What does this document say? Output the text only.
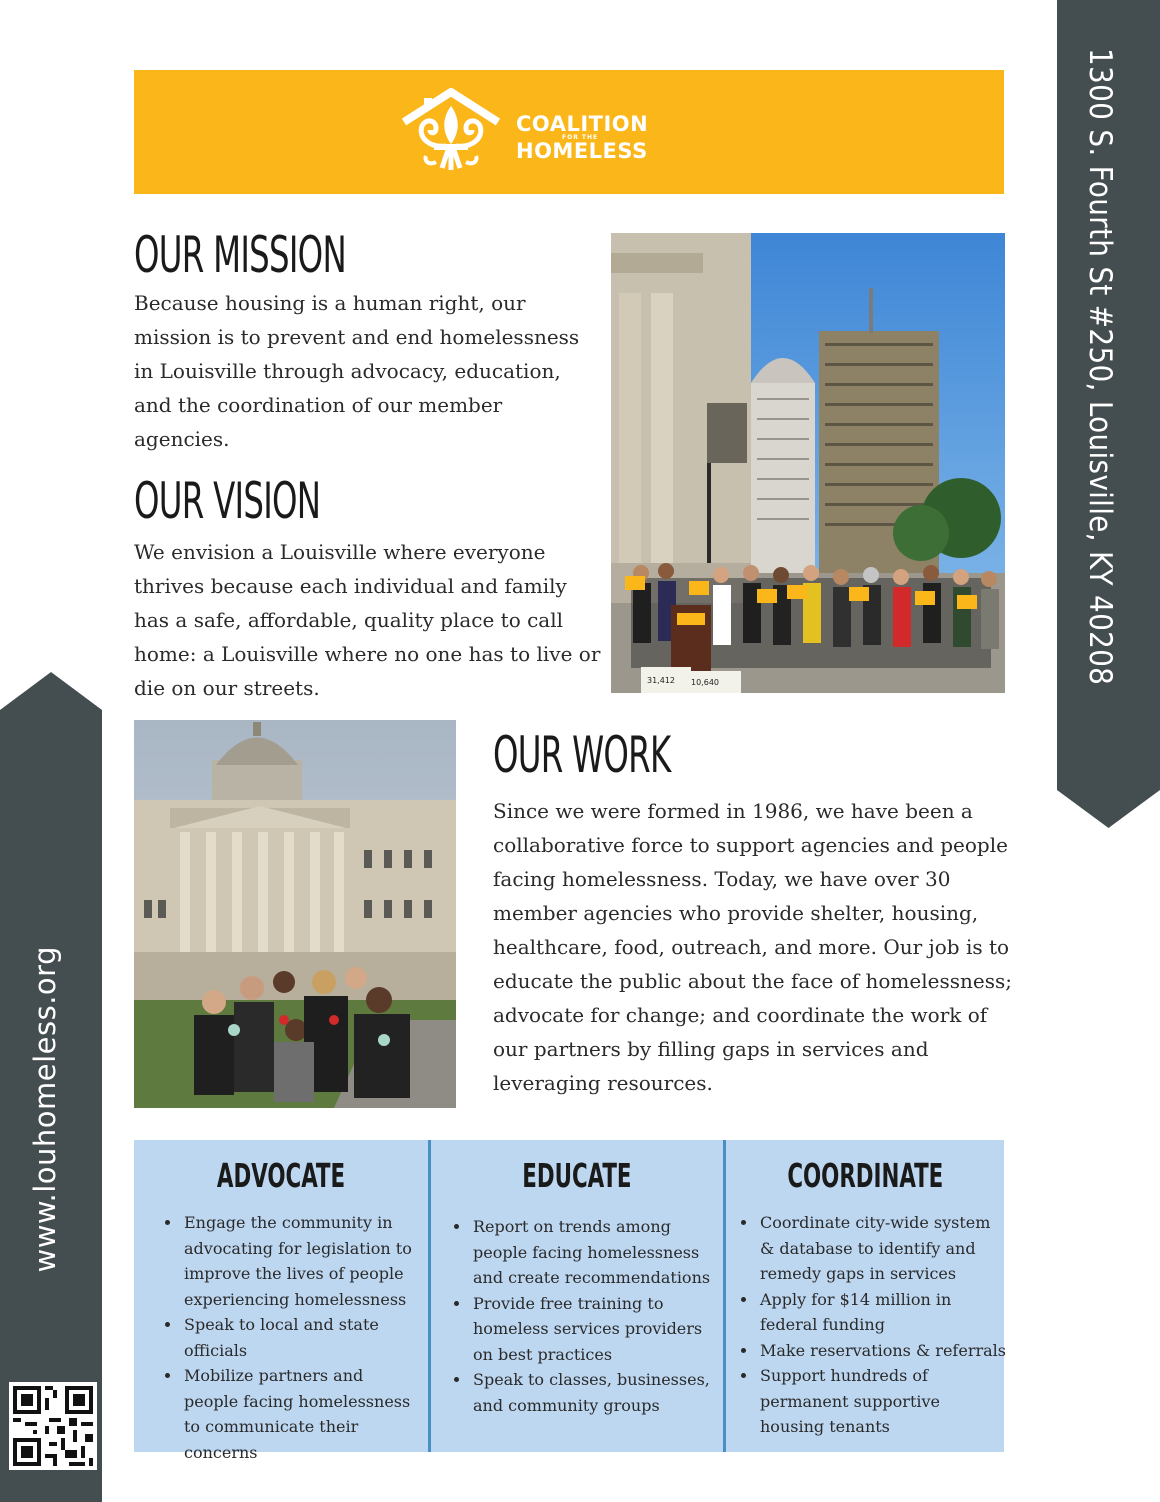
COALITION
FOR THE
HOMELESS
OUR MISSION

Because housing is a human right, our mission is to prevent and end homelessness in Louisville through advocacy, education, and the coordination of our member agencies.

OUR VISION

We envision a Louisville where everyone thrives because each individual and family has a safe, affordable, quality place to call home: a Louisville where no one has to live or die on our streets.	31,412 10,640
OUR WORK

Since we were formed in 1986, we have been a collaborative force to support agencies and people facing homelessness. Today, we have over 30 member agencies who provide shelter, housing, healthcare, food, outreach, and more. Our job is to educate the public about the face of homelessness; advocate for change; and coordinate the work of our partners by filling gaps in services and leveraging resources.

1300 S. Fourth St #250, Louisville, KY 40208
www.louhomeless.org	ADVOCATE
• Engage the community in advocating for legislation to improve the lives of people experiencing homelessness
• Speak to local and state officials
• Mobilize partners and people facing homelessness to communicate their concerns
EDUCATE
• Report on trends among people facing homelessness and create recommendations
• Provide free training to homeless services providers on best practices
• Speak to classes, businesses, and community groups
COORDINATE
• Coordinate city-wide system & database to identify and remedy gaps in services
• Apply for $14 million in federal funding
• Make reservations & referrals
• Support hundreds of permanent supportive housing tenants
